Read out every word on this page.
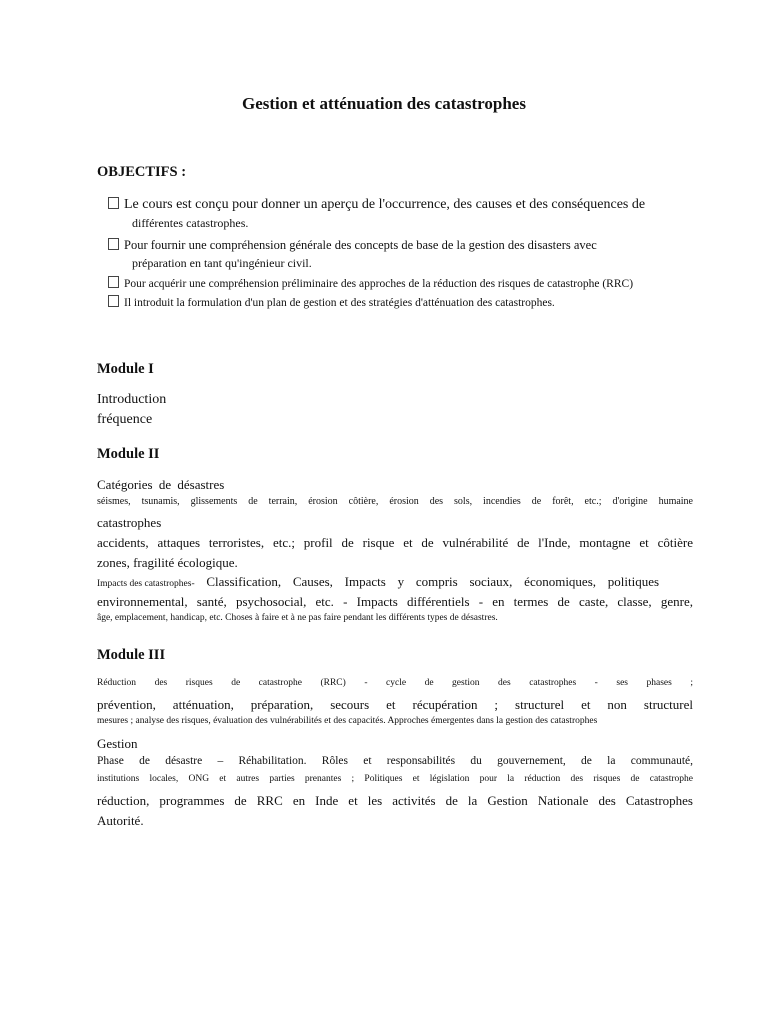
Gestion et atténuation des catastrophes
OBJECTIFS :
Le cours est conçu pour donner un aperçu de l'occurrence, des causes et des conséquences de
différentes catastrophes.
Pour fournir une compréhension générale des concepts de base de la gestion des disasters avec
préparation en tant qu'ingénieur civil.
Pour acquérir une compréhension préliminaire des approches de la réduction des risques de catastrophe (RRC)
Il introduit la formulation d'un plan de gestion et des stratégies d'atténuation des catastrophes.
Module I
Introduction
fréquence
Module II
Catégories de désastres
séismes, tsunamis, glissements de terrain, érosion côtière, érosion des sols, incendies de forêt, etc.; d'origine humaine
catastrophes
accidents, attaques terroristes, etc.; profil de risque et de vulnérabilité de l'Inde, montagne et côtière
zones, fragilité écologique.
Impacts des catastrophes- Classification, Causes, Impacts y compris sociaux, économiques, politiques
environnemental, santé, psychosocial, etc. - Impacts différentiels - en termes de caste, classe, genre,
âge, emplacement, handicap, etc. Choses à faire et à ne pas faire pendant les différents types de désastres.
Module III
Réduction des risques de catastrophe (RRC) - cycle de gestion des catastrophes - ses phases ;
prévention, atténuation, préparation, secours et récupération ; structurel et non structurel
mesures ; analyse des risques, évaluation des vulnérabilités et des capacités. Approches émergentes dans la gestion des catastrophes
Gestion
Phase de désastre – Réhabilitation. Rôles et responsabilités du gouvernement, de la communauté,
institutions locales, ONG et autres parties prenantes ; Politiques et législation pour la réduction des risques de catastrophe
réduction, programmes de RRC en Inde et les activités de la Gestion Nationale des Catastrophes
Autorité.
